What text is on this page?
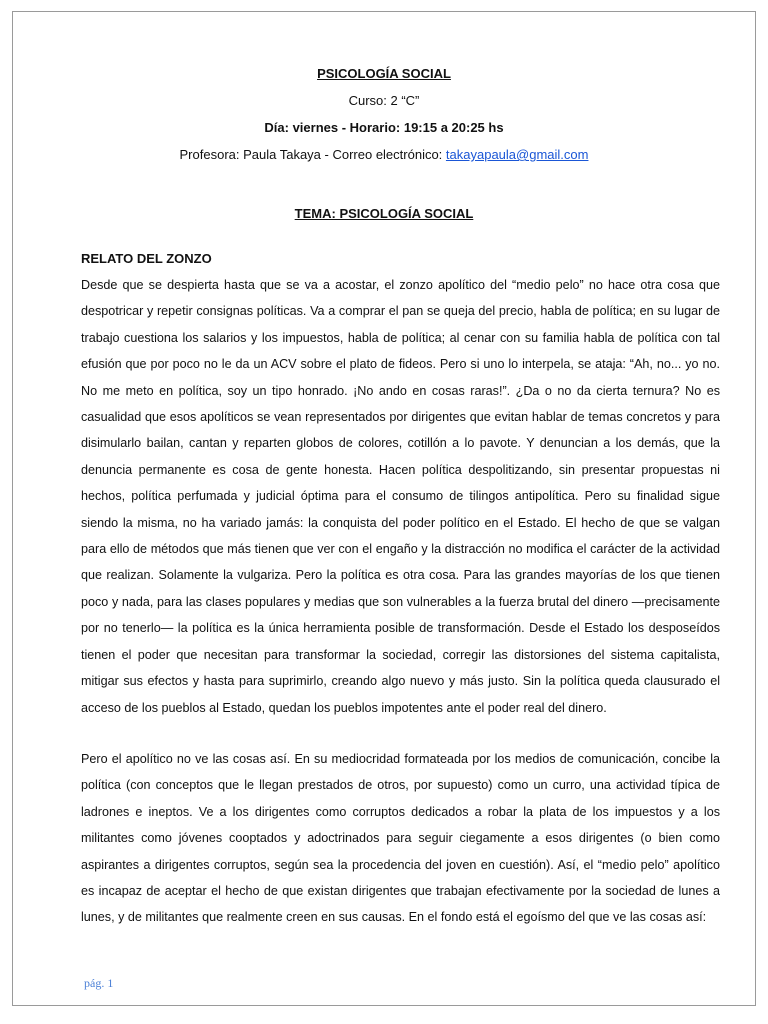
PSICOLOGÍA SOCIAL
Curso: 2 “C”
Día: viernes - Horario: 19:15 a 20:25 hs
Profesora: Paula Takaya - Correo electrónico: takayapaula@gmail.com
TEMA: PSICOLOGÍA SOCIAL
RELATO DEL ZONZO

Desde que se despierta hasta que se va a acostar, el zonzo apolítico del “medio pelo” no hace otra cosa que despotricar y repetir consignas políticas. Va a comprar el pan se queja del precio, habla de política; en su lugar de trabajo cuestiona los salarios y los impuestos, habla de política; al cenar con su familia habla de política con tal efusión que por poco no le da un ACV sobre el plato de fideos. Pero si uno lo interpela, se ataja: “Ah, no... yo no. No me meto en política, soy un tipo honrado. ¡No ando en cosas raras!”. ¿Da o no da cierta ternura? No es casualidad que esos apolíticos se vean representados por dirigentes que evitan hablar de temas concretos y para disimularlo bailan, cantan y reparten globos de colores, cotillón a lo pavote. Y denuncian a los demás, que la denuncia permanente es cosa de gente honesta. Hacen política despolitizando, sin presentar propuestas ni hechos, política perfumada y judicial óptima para el consumo de tilingos antipolítica. Pero su finalidad sigue siendo la misma, no ha variado jamás: la conquista del poder político en el Estado. El hecho de que se valgan para ello de métodos que más tienen que ver con el engaño y la distracción no modifica el carácter de la actividad que realizan. Solamente la vulgariza. Pero la política es otra cosa. Para las grandes mayorías de los que tienen poco y nada, para las clases populares y medias que son vulnerables a la fuerza brutal del dinero —precisamente por no tenerlo— la política es la única herramienta posible de transformación. Desde el Estado los desposeídos tienen el poder que necesitan para transformar la sociedad, corregir las distorsiones del sistema capitalista, mitigar sus efectos y hasta para suprimirlo, creando algo nuevo y más justo. Sin la política queda clausurado el acceso de los pueblos al Estado, quedan los pueblos impotentes ante el poder real del dinero.

Pero el apolítico no ve las cosas así. En su mediocridad formateada por los medios de comunicación, concibe la política (con conceptos que le llegan prestados de otros, por supuesto) como un curro, una actividad típica de ladrones e ineptos. Ve a los dirigentes como corruptos dedicados a robar la plata de los impuestos y a los militantes como jóvenes cooptados y adoctrinados para seguir ciegamente a esos dirigentes (o bien como aspirantes a dirigentes corruptos, según sea la procedencia del joven en cuestión). Así, el “medio pelo” apolítico es incapaz de aceptar el hecho de que existan dirigentes que trabajan efectivamente por la sociedad de lunes a lunes, y de militantes que realmente creen en sus causas. En el fondo está el egoísmo del que ve las cosas así:

pág. 1
